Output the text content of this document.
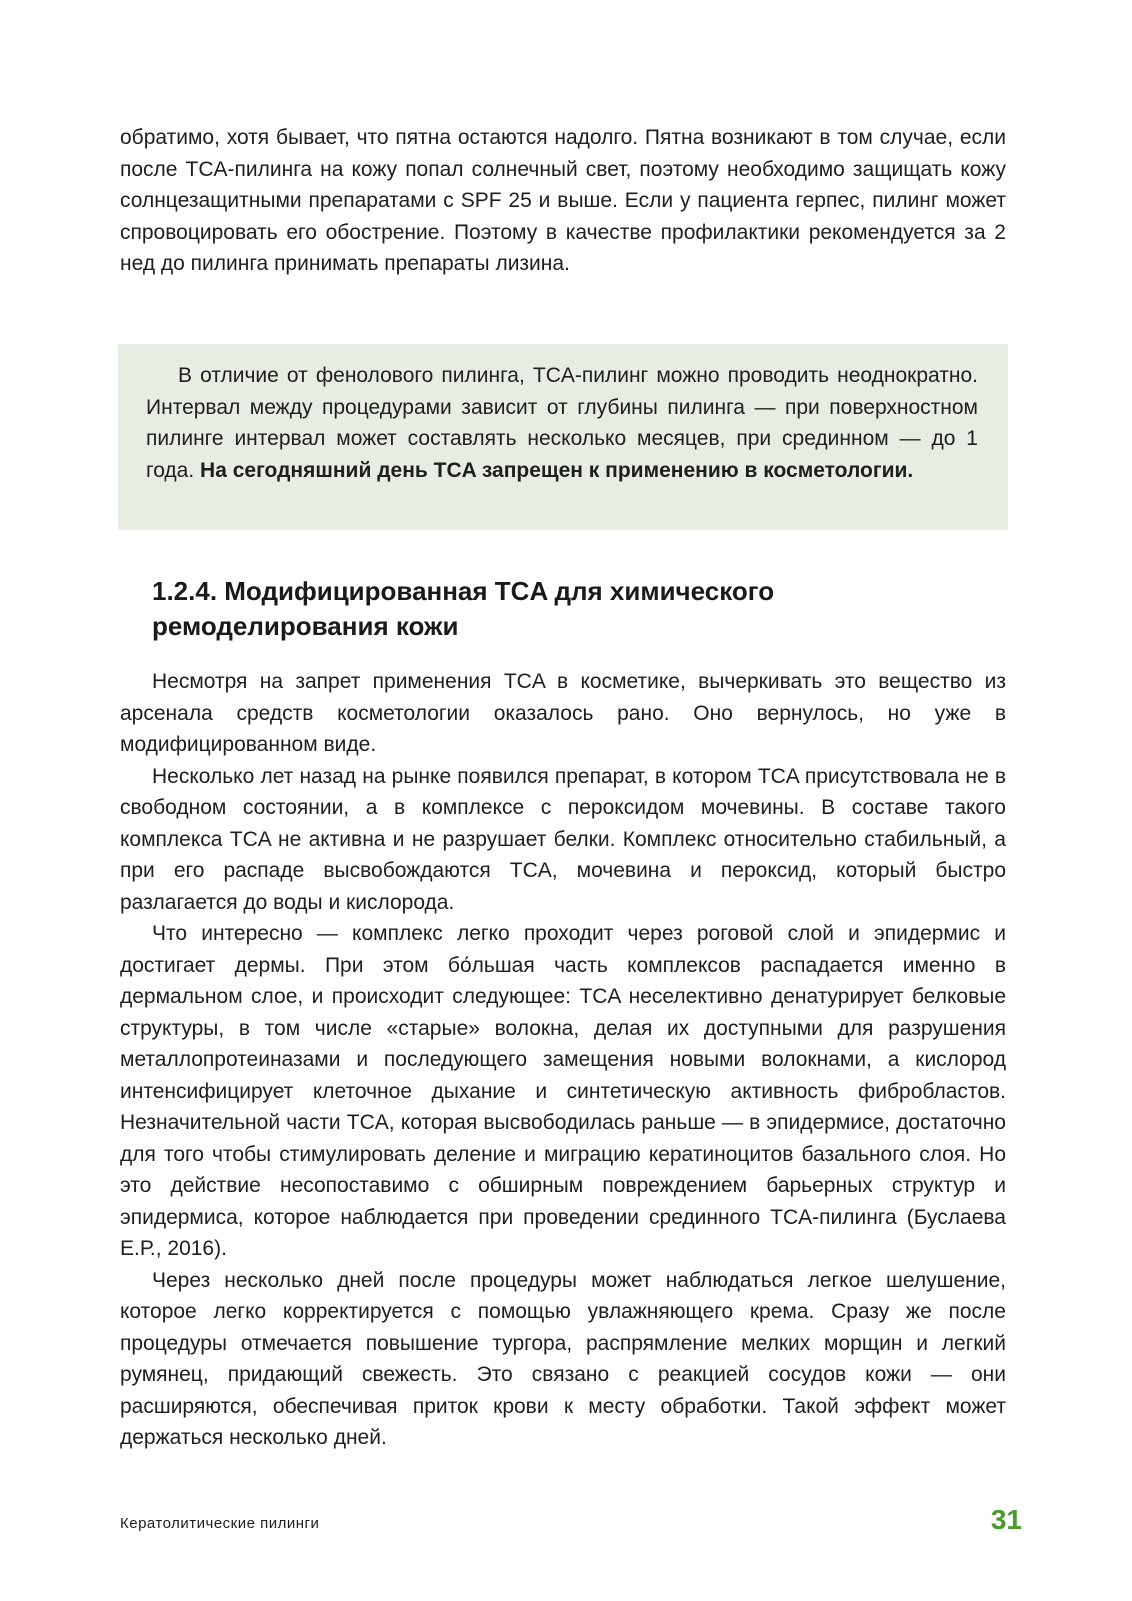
обратимо, хотя бывает, что пятна остаются надолго. Пятна возникают в том случае, если после TCA-пилинга на кожу попал солнечный свет, поэтому необходимо защищать кожу солнцезащитными препаратами с SPF 25 и выше. Если у пациента герпес, пилинг может спровоцировать его обострение. Поэтому в качестве профилактики рекомендуется за 2 нед до пилинга принимать препараты лизина.

В отличие от фенолового пилинга, TCA-пилинг можно проводить неоднократно. Интервал между процедурами зависит от глубины пилинга — при поверхностном пилинге интервал может составлять несколько месяцев, при срединном — до 1 года. На сегодняшний день TCA запрещен к применению в косметологии.

1.2.4. Модифицированная TCA для химического ремоделирования кожи

Несмотря на запрет применения TCA в косметике, вычеркивать это вещество из арсенала средств косметологии оказалось рано. Оно вернулось, но уже в модифицированном виде.

Несколько лет назад на рынке появился препарат, в котором TCA присутствовала не в свободном состоянии, а в комплексе с пероксидом мочевины. В составе такого комплекса TCA не активна и не разрушает белки. Комплекс относительно стабильный, а при его распаде высвобождаются TCA, мочевина и пероксид, который быстро разлагается до воды и кислорода.

Что интересно — комплекс легко проходит через роговой слой и эпидермис и достигает дермы. При этом бо́льшая часть комплексов распадается именно в дермальном слое, и происходит следующее: TCA неселективно денатурирует белковые структуры, в том числе «старые» волокна, делая их доступными для разрушения металлопротеиназами и последующего замещения новыми волокнами, а кислород интенсифицирует клеточное дыхание и синтетическую активность фибробластов. Незначительной части TCA, которая высвободилась раньше — в эпидермисе, достаточно для того чтобы стимулировать деление и миграцию кератиноцитов базального слоя. Но это действие несопоставимо с обширным повреждением барьерных структур и эпидермиса, которое наблюдается при проведении срединного TCA-пилинга (Буслаева Е.Р., 2016).

Через несколько дней после процедуры может наблюдаться легкое шелушение, которое легко корректируется с помощью увлажняющего крема. Сразу же после процедуры отмечается повышение тургора, распрямление мелких морщин и легкий румянец, придающий свежесть. Это связано с реакцией сосудов кожи — они расширяются, обеспечивая приток крови к месту обработки. Такой эффект может держаться несколько дней.

Кератолитические пилинги	31
